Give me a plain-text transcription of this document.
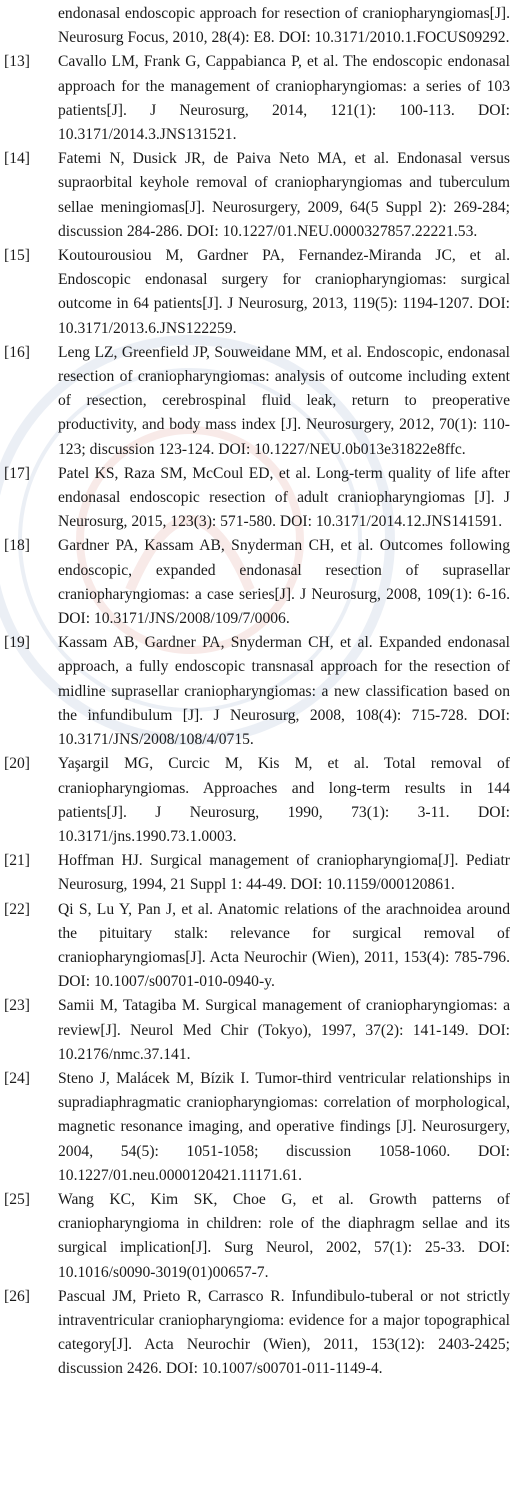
endonasal endoscopic approach for resection of craniopharyngiomas[J]. Neurosurg Focus, 2010, 28(4): E8. DOI: 10.3171/2010.1.FOCUS09292.
[13]	Cavallo LM, Frank G, Cappabianca P, et al. The endoscopic endonasal approach for the management of craniopharyngiomas: a series of 103 patients[J]. J Neurosurg, 2014, 121(1): 100-113. DOI: 10.3171/2014.3.JNS131521.
[14]	Fatemi N, Dusick JR, de Paiva Neto MA, et al. Endonasal versus supraorbital keyhole removal of craniopharyngiomas and tuberculum sellae meningiomas[J]. Neurosurgery, 2009, 64(5 Suppl 2): 269-284; discussion 284-286. DOI: 10.1227/01.NEU.0000327857.22221.53.
[15]	Koutourousiou M, Gardner PA, Fernandez-Miranda JC, et al. Endoscopic endonasal surgery for craniopharyngiomas: surgical outcome in 64 patients[J]. J Neurosurg, 2013, 119(5): 1194-1207. DOI: 10.3171/2013.6.JNS122259.
[16]	Leng LZ, Greenfield JP, Souweidane MM, et al. Endoscopic, endonasal resection of craniopharyngiomas: analysis of outcome including extent of resection, cerebrospinal fluid leak, return to preoperative productivity, and body mass index [J]. Neurosurgery, 2012, 70(1): 110-123; discussion 123-124. DOI: 10.1227/NEU.0b013e31822e8ffc.
[17]	Patel KS, Raza SM, McCoul ED, et al. Long-term quality of life after endonasal endoscopic resection of adult craniopharyngiomas [J]. J Neurosurg, 2015, 123(3): 571-580. DOI: 10.3171/2014.12.JNS141591.
[18]	Gardner PA, Kassam AB, Snyderman CH, et al. Outcomes following endoscopic, expanded endonasal resection of suprasellar craniopharyngiomas: a case series[J]. J Neurosurg, 2008, 109(1): 6-16. DOI: 10.3171/JNS/2008/109/7/0006.
[19]	Kassam AB, Gardner PA, Snyderman CH, et al. Expanded endonasal approach, a fully endoscopic transnasal approach for the resection of midline suprasellar craniopharyngiomas: a new classification based on the infundibulum [J]. J Neurosurg, 2008, 108(4): 715-728. DOI: 10.3171/JNS/2008/108/4/0715.
[20]	Yaşargil MG, Curcic M, Kis M, et al. Total removal of craniopharyngiomas. Approaches and long-term results in 144 patients[J]. J Neurosurg, 1990, 73(1): 3-11. DOI: 10.3171/jns.1990.73.1.0003.
[21]	Hoffman HJ. Surgical management of craniopharyngioma[J]. Pediatr Neurosurg, 1994, 21 Suppl 1: 44-49. DOI: 10.1159/000120861.
[22]	Qi S, Lu Y, Pan J, et al. Anatomic relations of the arachnoidea around the pituitary stalk: relevance for surgical removal of craniopharyngiomas[J]. Acta Neurochir (Wien), 2011, 153(4): 785-796. DOI: 10.1007/s00701-010-0940-y.
[23]	Samii M, Tatagiba M. Surgical management of craniopharyngiomas: a review[J]. Neurol Med Chir (Tokyo), 1997, 37(2): 141-149. DOI: 10.2176/nmc.37.141.
[24]	Steno J, Malácek M, Bízik I. Tumor-third ventricular relationships in supradiaphragmatic craniopharyngiomas: correlation of morphological, magnetic resonance imaging, and operative findings [J]. Neurosurgery, 2004, 54(5): 1051-1058; discussion 1058-1060. DOI: 10.1227/01.neu.0000120421.11171.61.
[25]	Wang KC, Kim SK, Choe G, et al. Growth patterns of craniopharyngioma in children: role of the diaphragm sellae and its surgical implication[J]. Surg Neurol, 2002, 57(1): 25-33. DOI: 10.1016/s0090-3019(01)00657-7.
[26]	Pascual JM, Prieto R, Carrasco R. Infundibulo-tuberal or not strictly intraventricular craniopharyngioma: evidence for a major topographical category[J]. Acta Neurochir (Wien), 2011, 153(12): 2403-2425; discussion 2426. DOI: 10.1007/s00701-011-1149-4.
